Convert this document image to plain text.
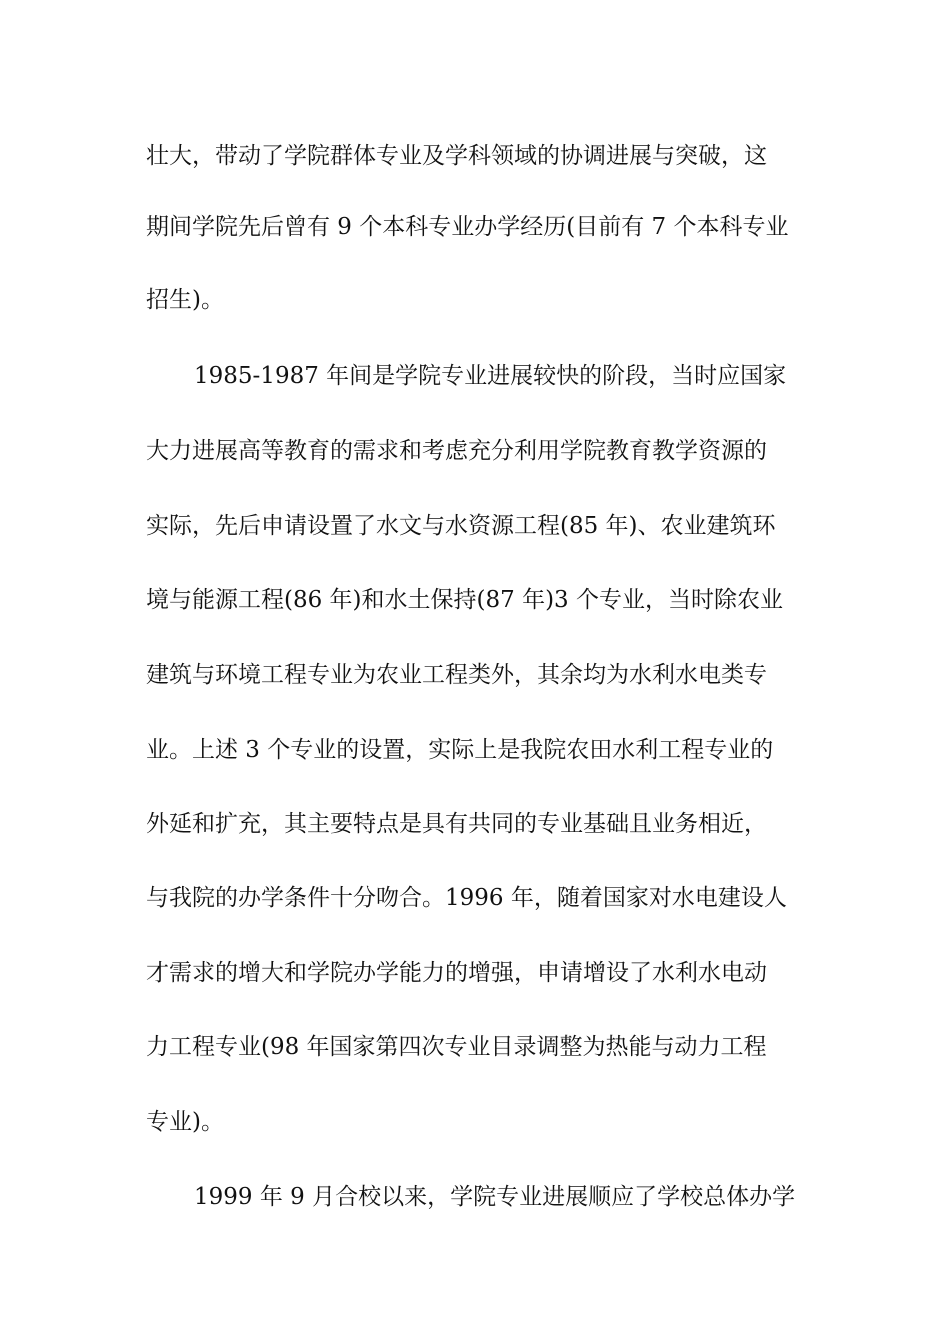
壮大，带动了学院群体专业及学科领域的协调进展与突破，这

期间学院先后曾有 9 个本科专业办学经历(目前有 7 个本科专业

招生)。

1985-1987 年间是学院专业进展较快的阶段，当时应国家

大力进展高等教育的需求和考虑充分利用学院教育教学资源的

实际，先后申请设置了水文与水资源工程(85 年)、农业建筑环

境与能源工程(86 年)和水土保持(87 年)3 个专业，当时除农业

建筑与环境工程专业为农业工程类外，其余均为水利水电类专

业。上述 3 个专业的设置，实际上是我院农田水利工程专业的

外延和扩充，其主要特点是具有共同的专业基础且业务相近，

与我院的办学条件十分吻合。1996 年，随着国家对水电建设人

才需求的增大和学院办学能力的增强，申请增设了水利水电动

力工程专业(98 年国家第四次专业目录调整为热能与动力工程

专业)。

1999 年 9 月合校以来，学院专业进展顺应了学校总体办学
